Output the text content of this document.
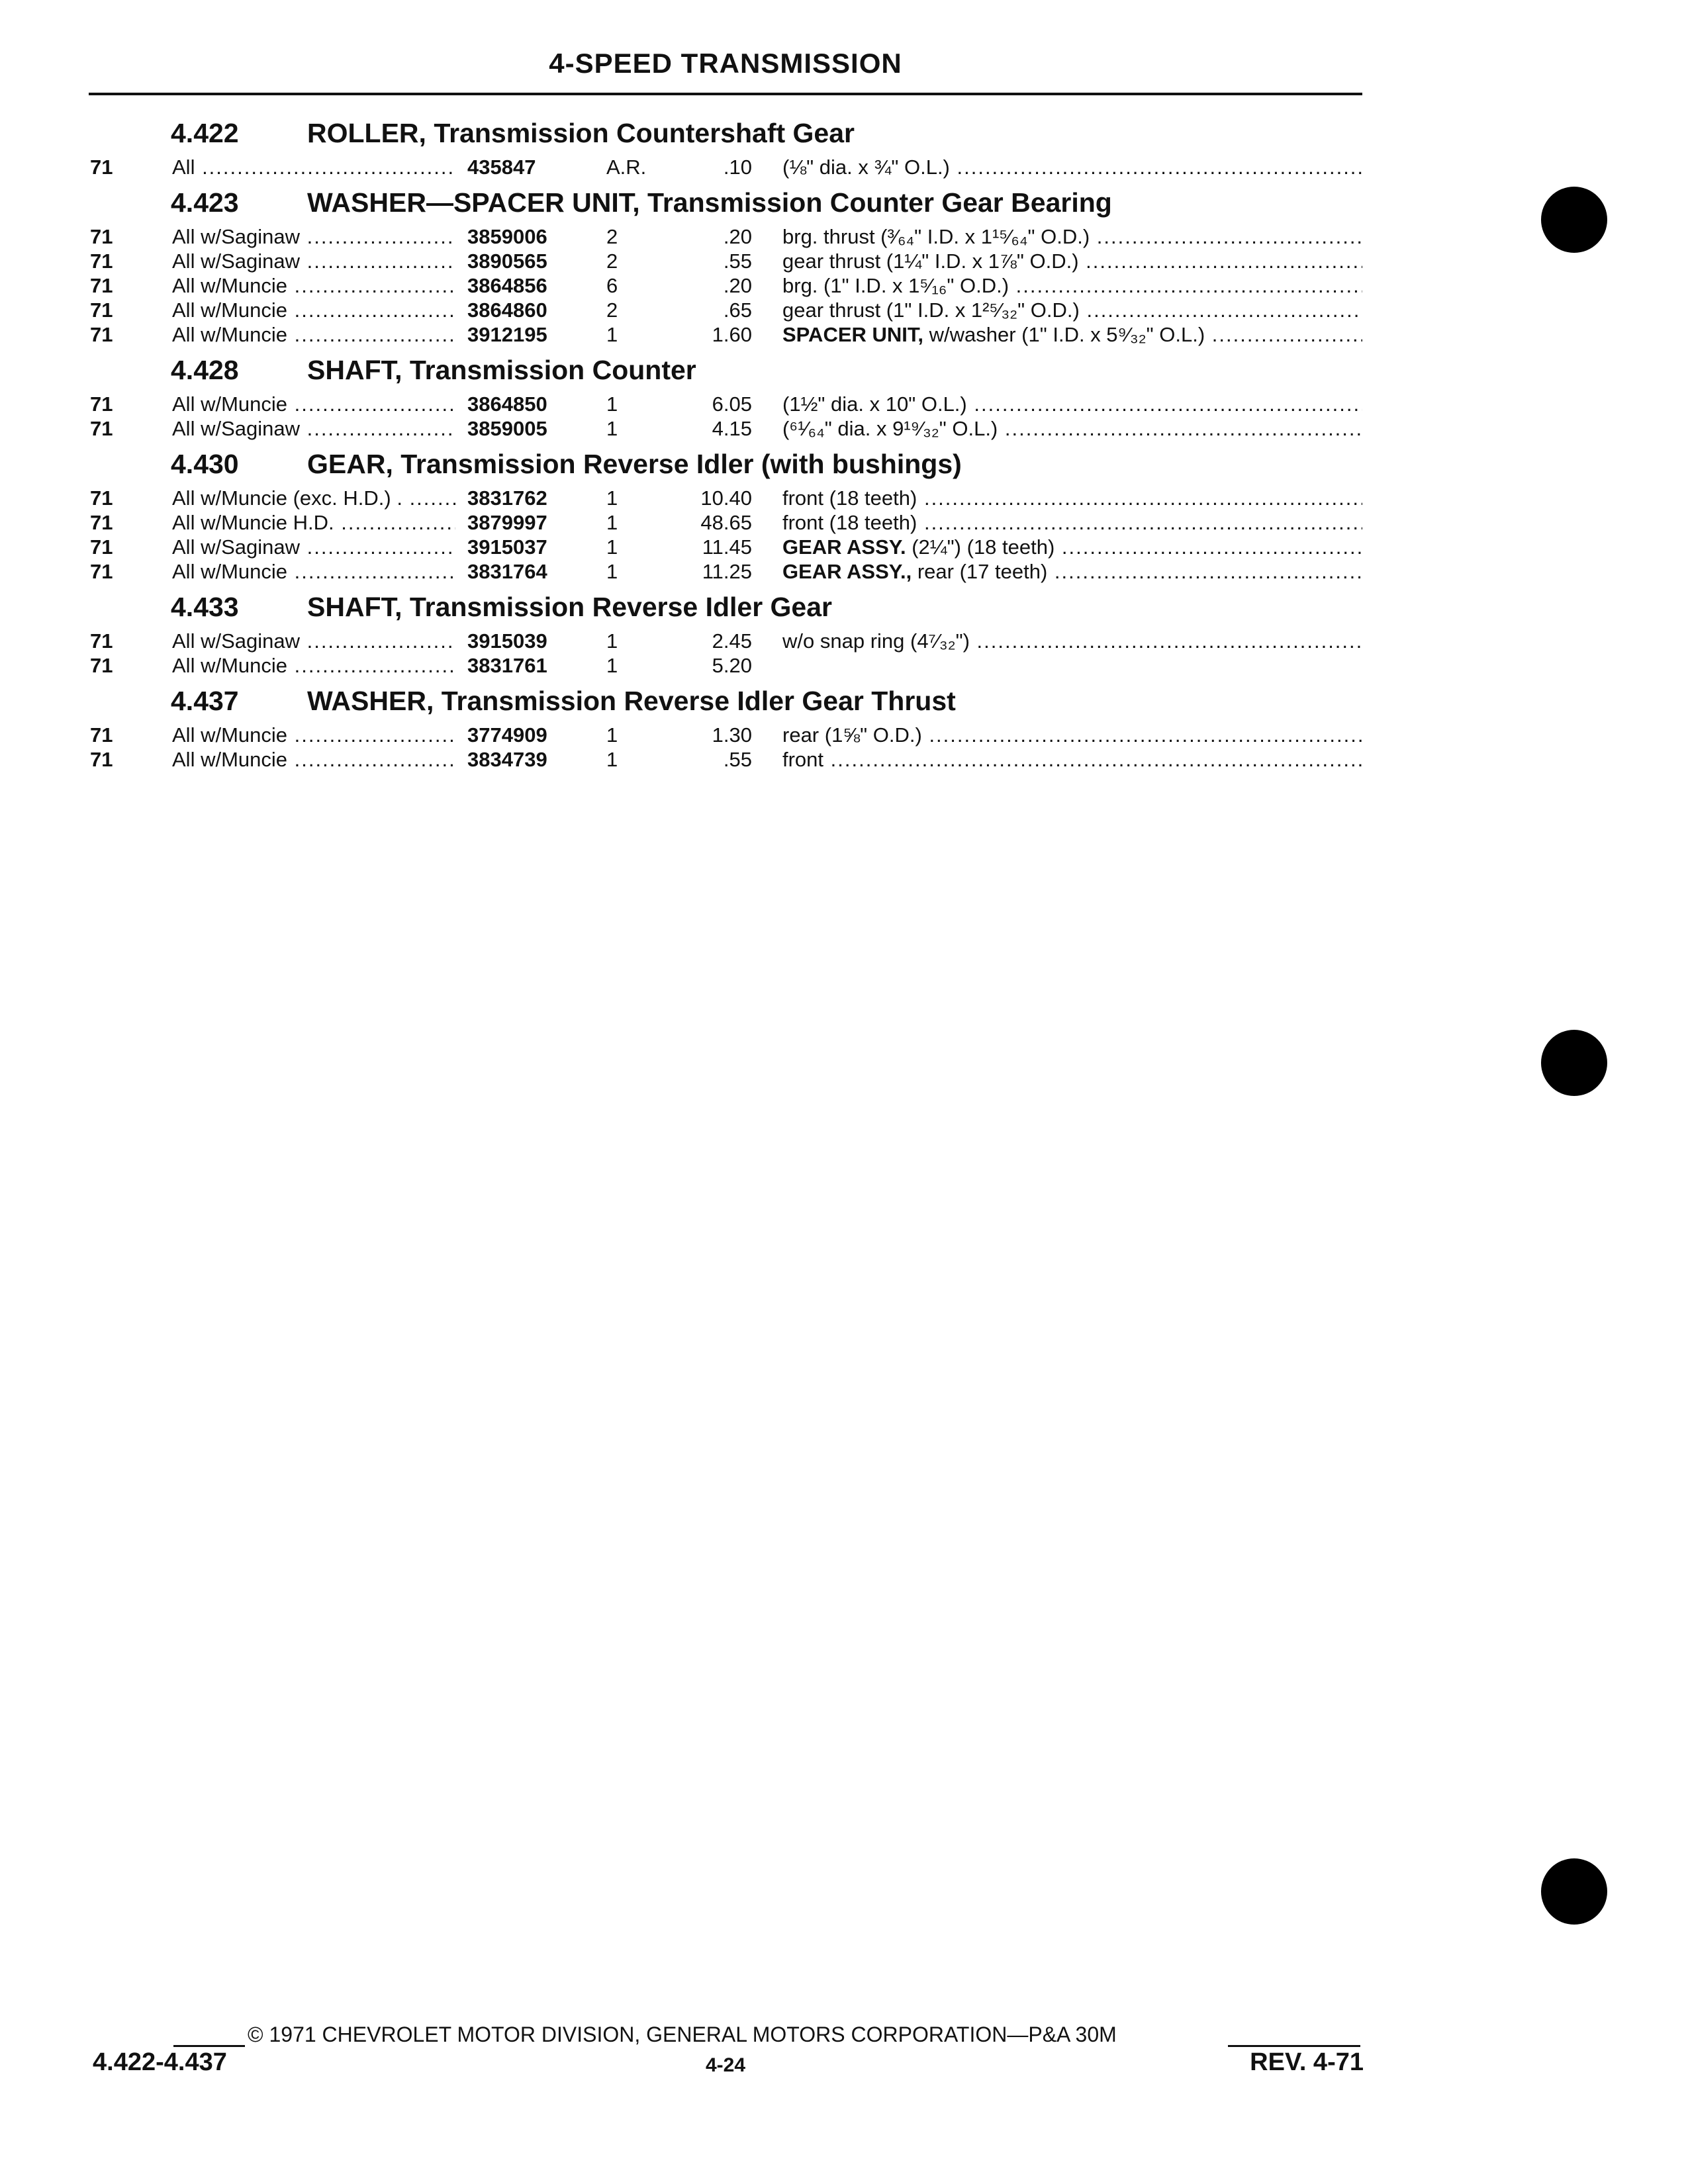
4-SPEED TRANSMISSION
4.422	ROLLER, Transmission Countershaft Gear
71	All .....	435847	A.R.	.10 (⅛" dia. x ¾" O.L.) .....
4.423	WASHER—SPACER UNIT, Transmission Counter Gear Bearing
71	All w/Saginaw .....	3859006	2	.20 brg. thrust (³⁄₆₄" I.D. x 1¹⁵⁄₆₄" O.D.) .....
71	All w/Saginaw .....	3890565	2	.55 gear thrust (1¼" I.D. x 1⅞" O.D.) .....
71	All w/Muncie .....	3864856	6	.20 brg. (1" I.D. x 1⁵⁄₁₆" O.D.) .....
71	All w/Muncie .....	3864860	2	.65 gear thrust (1" I.D. x 1²⁵⁄₃₂" O.D.) .....
71	All w/Muncie .....	3912195	1	1.60 SPACER UNIT, w/washer (1" I.D. x 5⁹⁄₃₂" O.L.) .....
4.428	SHAFT, Transmission Counter
71	All w/Muncie .....	3864850	1	6.05 (1½" dia. x 10" O.L.) .....
71	All w/Saginaw .....	3859005	1	4.15 (⁶¹⁄₆₄" dia. x 9¹⁹⁄₃₂" O.L.) .....
4.430	GEAR, Transmission Reverse Idler (with bushings)
71	All w/Muncie (exc. H.D.) . .....	3831762	1	10.40 front (18 teeth) .....
71	All w/Muncie H.D. .....	3879997	1	48.65 front (18 teeth) .....
71	All w/Saginaw .....	3915037	1	11.45 GEAR ASSY. (2¼") (18 teeth) .....
71	All w/Muncie .....	3831764	1	11.25 GEAR ASSY., rear (17 teeth) .....
4.433	SHAFT, Transmission Reverse Idler Gear
71	All w/Saginaw .....	3915039	1	2.45 w/o snap ring (4⁷⁄₃₂") .....
71	All w/Muncie .....	3831761	1	5.20
4.437	WASHER, Transmission Reverse Idler Gear Thrust
71	All w/Muncie .....	3774909	1	1.30 rear (1⅝" O.D.) .....
71	All w/Muncie .....	3834739	1	.55 front .....
© 1971 CHEVROLET MOTOR DIVISION, GENERAL MOTORS CORPORATION—P&A 30M
4.422-4.437	4-24	REV. 4-71
